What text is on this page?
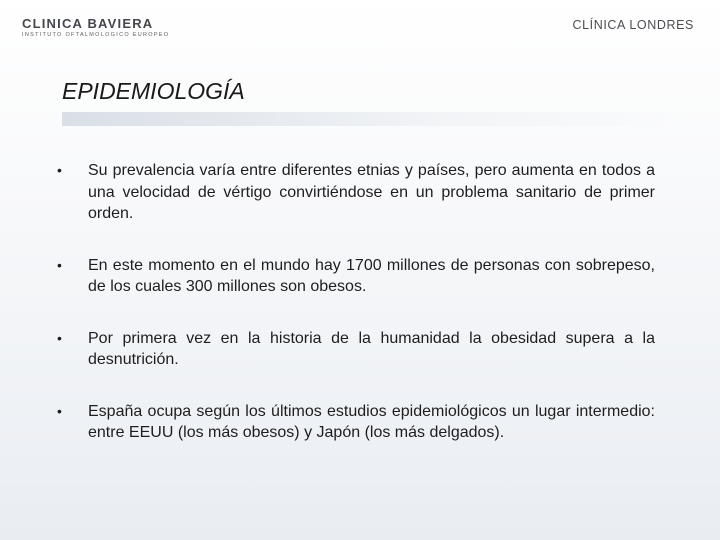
CLINICA BAVIERA
INSTITUTO OFTALMOLOGICO EUROPEO
CLÍNICA LONDRES
EPIDEMIOLOGÍA
• Su prevalencia varía entre diferentes etnias y países, pero aumenta en todos a una velocidad de vértigo convirtiéndose en un problema sanitario de primer orden.
• En este momento en el mundo hay 1700 millones de personas con sobrepeso, de los cuales 300 millones son obesos.
• Por primera vez en la historia de la humanidad la obesidad supera a la desnutrición.
• España ocupa según los últimos estudios epidemiológicos un lugar intermedio: entre EEUU (los más obesos) y Japón (los más delgados).
